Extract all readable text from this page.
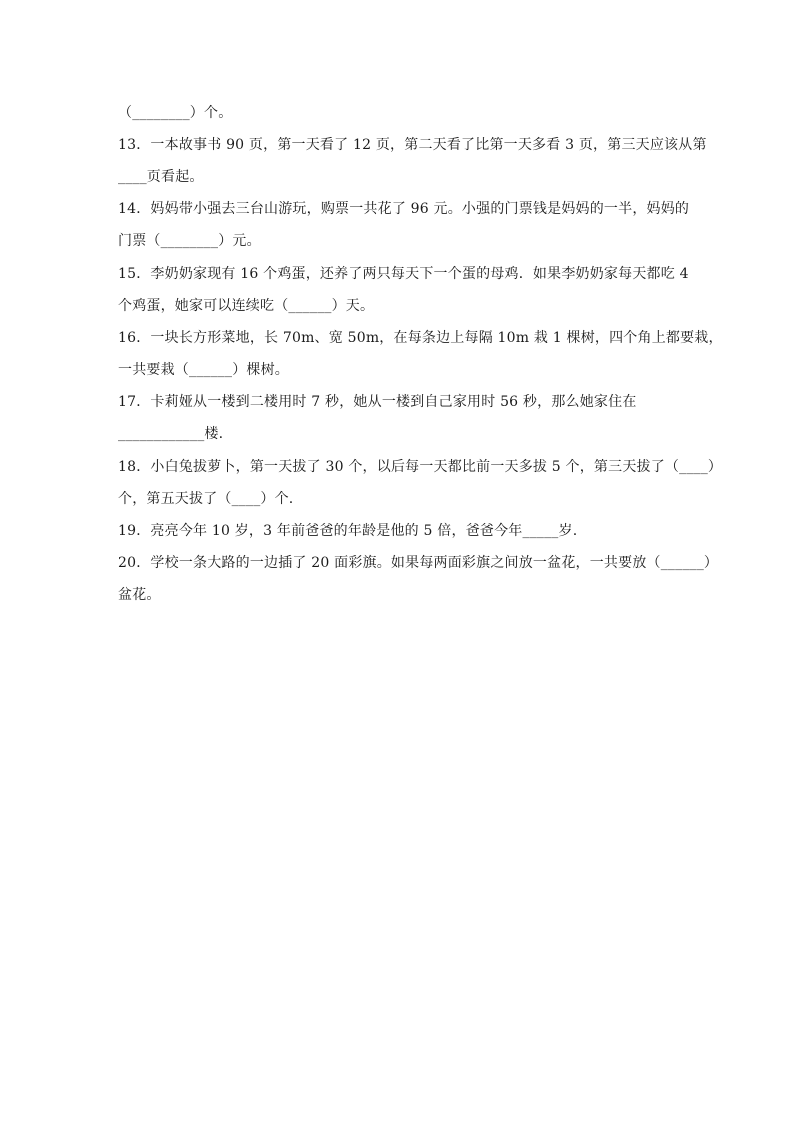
（________）个。
13．一本故事书 90 页，第一天看了 12 页，第二天看了比第一天多看 3 页，第三天应该从第
____页看起。
14．妈妈带小强去三台山游玩，购票一共花了 96 元。小强的门票钱是妈妈的一半，妈妈的
门票（________）元。
15．李奶奶家现有 16 个鸡蛋，还养了两只每天下一个蛋的母鸡．如果李奶奶家每天都吃 4
个鸡蛋，她家可以连续吃（______）天。
16．一块长方形菜地，长 70m、宽 50m，在每条边上每隔 10m 栽 1 棵树，四个角上都要栽，
一共要栽（______）棵树。
17．卡莉娅从一楼到二楼用时 7 秒，她从一楼到自己家用时 56 秒，那么她家住在
____________楼.
18．小白兔拔萝卜，第一天拔了 30 个，以后每一天都比前一天多拔 5 个，第三天拔了（____）
个，第五天拔了（____）个.
19．亮亮今年 10 岁，3 年前爸爸的年龄是他的 5 倍，爸爸今年_____岁.
20．学校一条大路的一边插了 20 面彩旗。如果每两面彩旗之间放一盆花，一共要放（______）
盆花。
